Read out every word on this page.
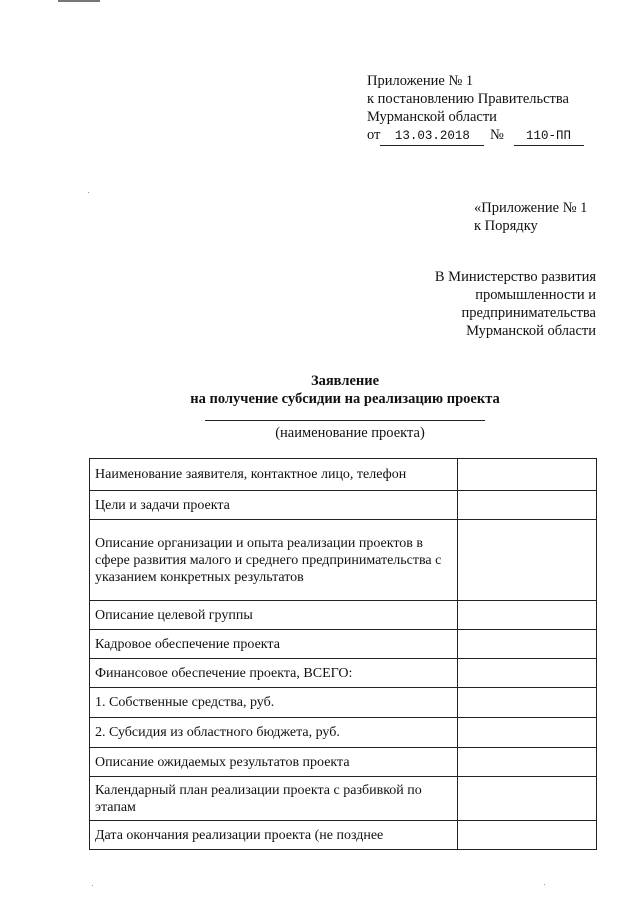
Приложение № 1
к постановлению Правительства
Мурманской области
от 13.03.2018 № 110-ПП
«Приложение № 1
к Порядку
В Министерство развития
промышленности и
предпринимательства
Мурманской области
Заявление
на получение субсидии на реализацию проекта
(наименование проекта)
Наименование заявителя, контактное лицо, телефон	
Цели и задачи проекта	
Описание организации и опыта реализации проектов в сфере развития малого и среднего предпринимательства с указанием конкретных результатов	
Описание целевой группы	
Кадровое обеспечение проекта	
Финансовое обеспечение проекта, ВСЕГО:	
1. Собственные средства, руб.	
2. Субсидия из областного бюджета, руб.	
Описание ожидаемых результатов проекта	
Календарный план реализации проекта с разбивкой по этапам	
Дата окончания реализации проекта (не позднее	
